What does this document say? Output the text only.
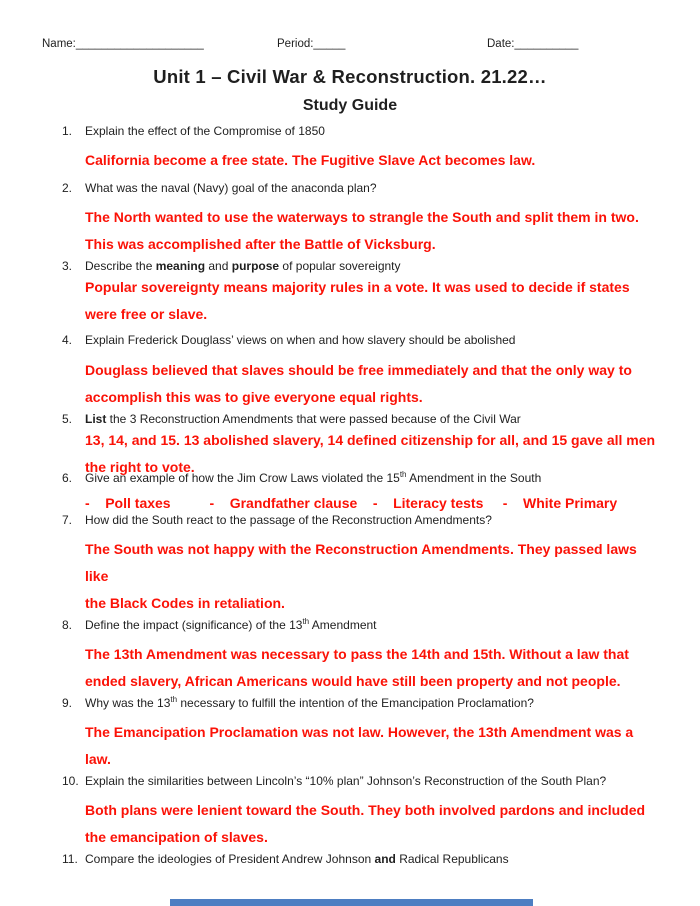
Name:____________________	Period:_____	Date:__________
Unit 1 – Civil War & Reconstruction. 21.22…
Study Guide
1.	Explain the effect of the Compromise of 1850
California become a free state. The Fugitive Slave Act becomes law.
2.	What was the naval (Navy) goal of the anaconda plan?
The North wanted to use the waterways to strangle the South and split them in two.
This was accomplished after the Battle of Vicksburg.
3.	Describe the meaning and purpose of popular sovereignty
Popular sovereignty means majority rules in a vote. It was used to decide if states
were free or slave.
4.	Explain Frederick Douglass’ views on when and how slavery should be abolished
Douglass believed that slaves should be free immediately and that the only way to
accomplish this was to give everyone equal rights.
5.	List the 3 Reconstruction Amendments that were passed because of the Civil War
13, 14, and 15. 13 abolished slavery, 14 defined citizenship for all, and 15 gave all men
the right to vote.
6.	Give an example of how the Jim Crow Laws violated the 15th Amendment in the South
-    Poll taxes          -    Grandfather clause    -    Literacy tests     -    White Primary
7.	How did the South react to the passage of the Reconstruction Amendments?
The South was not happy with the Reconstruction Amendments. They passed laws like
the Black Codes in retaliation.
8.	Define the impact (significance) of the 13th Amendment
The 13th Amendment was necessary to pass the 14th and 15th. Without a law that
ended slavery, African Americans would have still been property and not people.
9.	Why was the 13th necessary to fulfill the intention of the Emancipation Proclamation?
The Emancipation Proclamation was not law. However, the 13th Amendment was a
law.
10. Explain the similarities between Lincoln’s “10% plan” Johnson’s Reconstruction of the South Plan?
Both plans were lenient toward the South. They both involved pardons and included
the emancipation of slaves.
11. Compare the ideologies of President Andrew Johnson and Radical Republicans
